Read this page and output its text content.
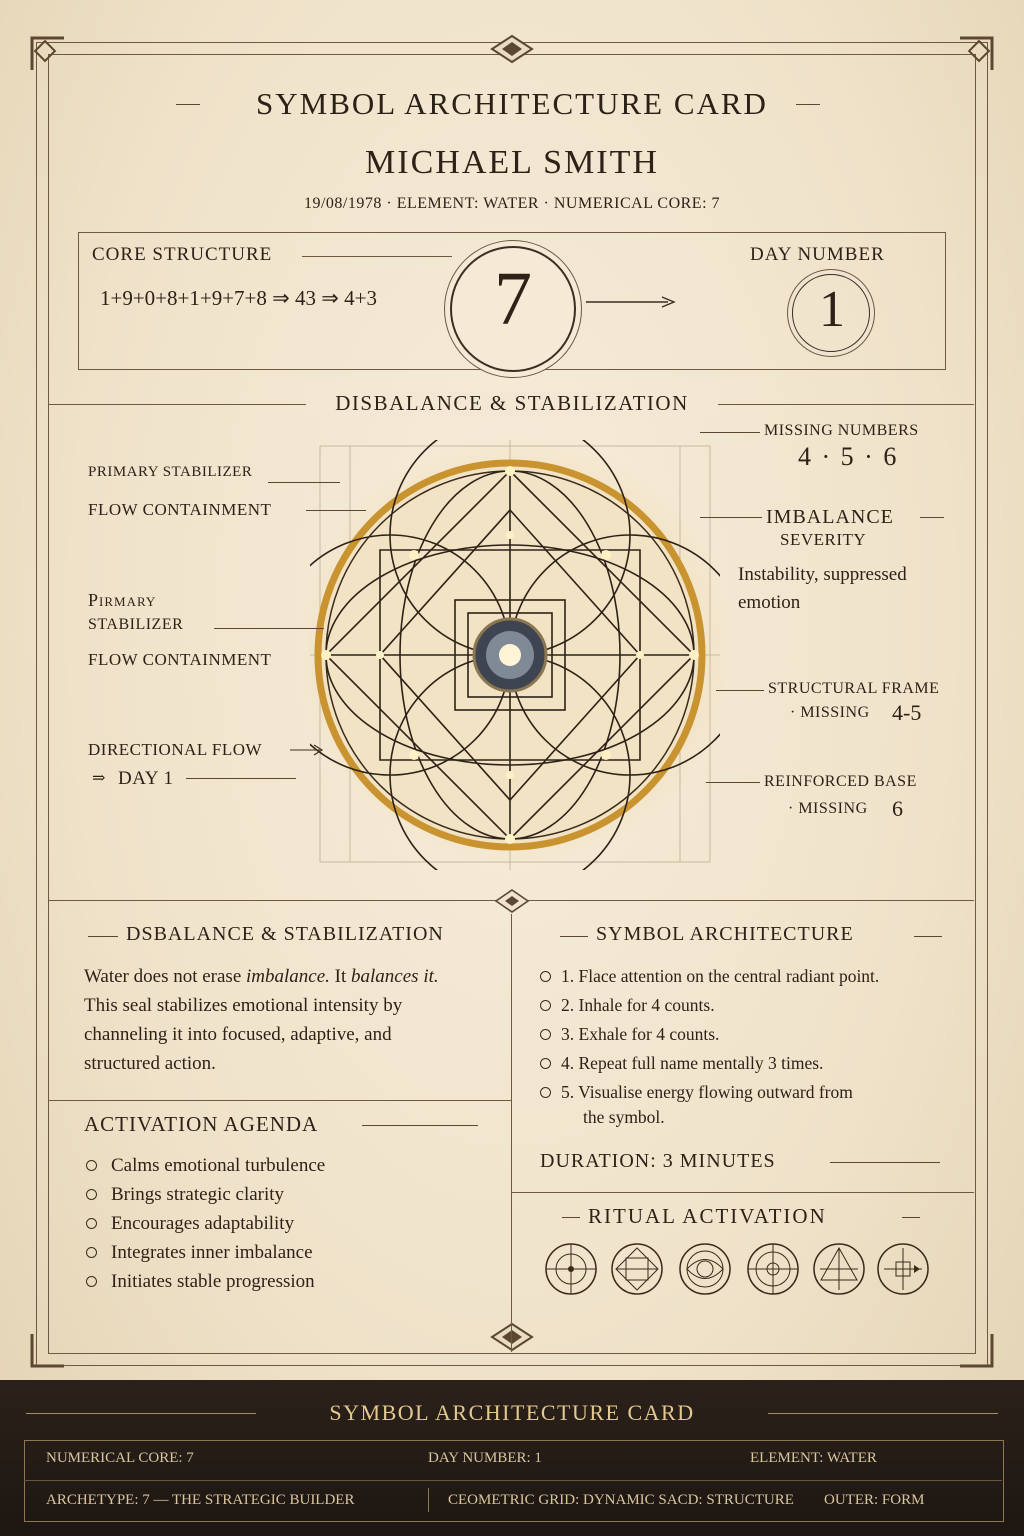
SYMBOL ARCHITECTURE CARD
MICHAEL SMITH
19/08/1978 · ELEMENT: WATER · NUMERICAL CORE: 7
CORE STRUCTURE
1+9+0+8+1+9+7+8 ⇒ 43 ⇒ 4+3	7
DAY NUMBER
1
DISBALANCE & STABILIZATION
PRIMARY STABILIZER
FLOW CONTAINMENT
Pirmary
STABILIZER
FLOW CONTAINMENT
DIRECTIONAL FLOW
⇒ DAY 1
MISSING NUMBERS
4 · 5 · 6
IMBALANCE
SEVERITY
Instability, suppressed
emotion
STRUCTURAL FRAME
· MISSING 4-5
REINFORCED BASE
· MISSING 6
DSBALANCE & STABILIZATION
Water does not erase imbalance. It balances it.
This seal stabilizes emotional intensity by
channeling it into focused, adaptive, and
structured action.
ACTIVATION AGENDA
Calms emotional turbulence
Brings strategic clarity
Encourages adaptability
Integrates inner imbalance
Initiates stable progression
SYMBOL ARCHITECTURE
1. Flace attention on the central radiant point.
2. Inhale for 4 counts.
3. Exhale for 4 counts.
4. Repeat full name mentally 3 times.
5. Visualise energy flowing outward from
the symbol.
DURATION: 3 MINUTES
RITUAL ACTIVATION
SYMBOL ARCHITECTURE CARD
NUMERICAL CORE: 7	DAY NUMBER: 1	ELEMENT: WATER
ARCHETYPE: 7 — THE STRATEGIC BUILDER	CEOMETRIC GRID: DYNAMIC SACD: STRUCTURE OUTER: FORM
